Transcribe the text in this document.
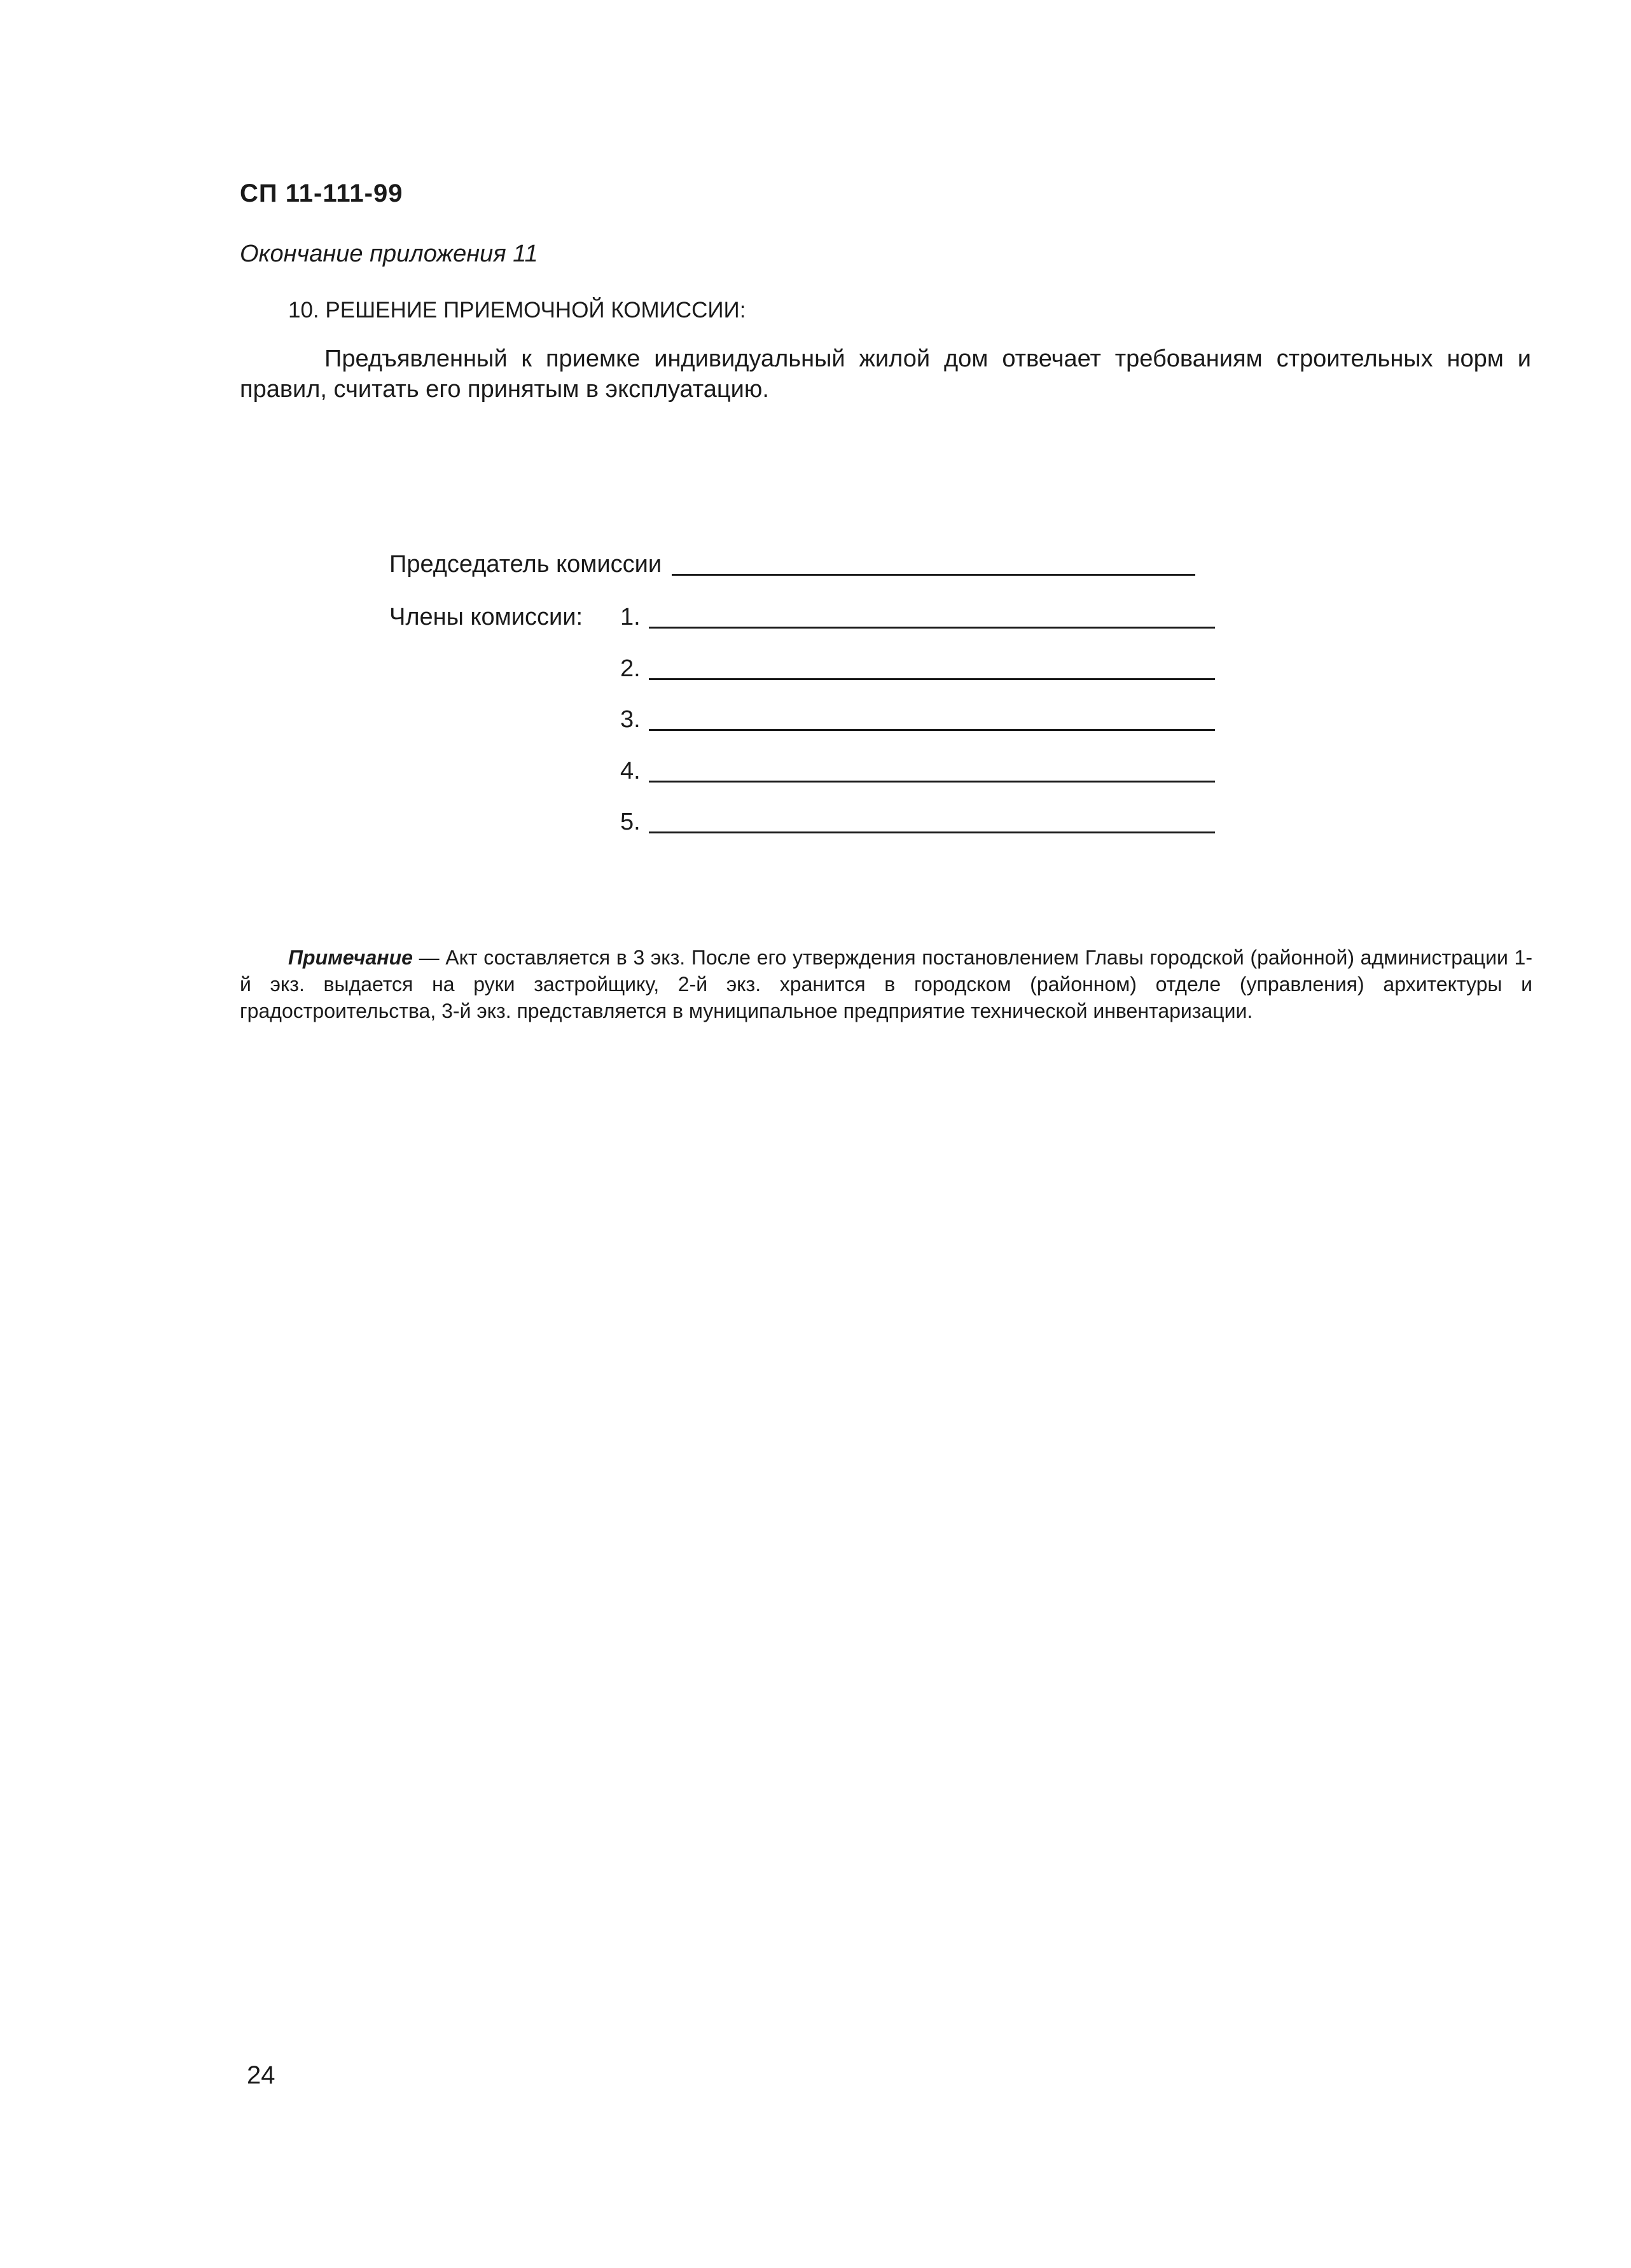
СП 11-111-99
Окончание приложения 11
10. РЕШЕНИЕ ПРИЕМОЧНОЙ КОМИССИИ:
Предъявленный к приемке индивидуальный жилой дом отвечает требованиям строительных норм и правил, считать его принятым в эксплуатацию.
Председатель комиссии
Члены комиссии: 1.
2.
3.
4.
5.
Примечание — Акт составляется в 3 экз. После его утверждения постановлением Главы городской (районной) администрации 1-й экз. выдается на руки застройщику, 2-й экз. хранится в городском (районном) отделе (управления) архитектуры и градостроительства, 3-й экз. представляется в муниципальное предприятие технической инвентаризации.
24
